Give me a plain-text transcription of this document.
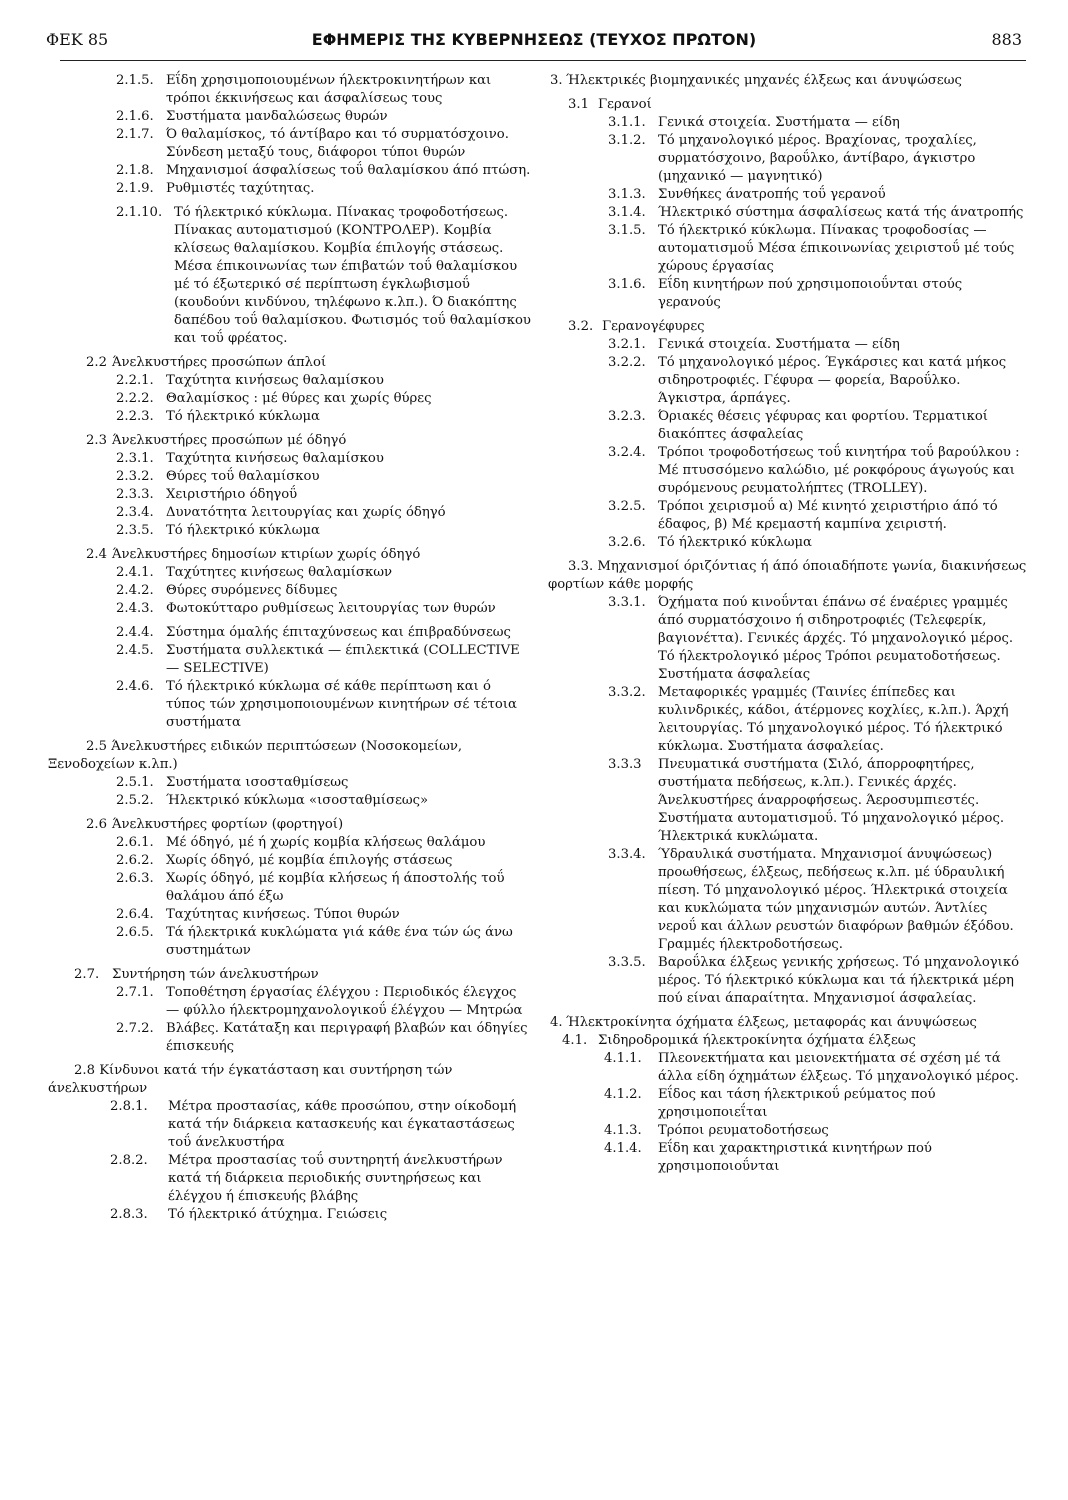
ΦΕΚ 85	ΕΦΗΜΕΡΙΣ ΤΗΣ ΚΥΒΕΡΝΗΣΕΩΣ (ΤΕΥΧΟΣ ΠΡΩΤΟΝ)	883
2.1.5. Εΐδη χρησιμοποιουμένων ήλεκτροκινητήρων και τρόποι έκκινήσεως και άσφαλίσεως τους
2.1.6. Συστήματα μανδαλώσεως θυρών
2.1.7. Ό θαλαμίσκος, τό άντίβαρο και τό συρματόσχοινο. Σύνδεση μεταξύ τους, διάφοροι τύποι θυρών
2.1.8. Μηχανισμοί άσφαλίσεως τοΰ θαλαμίσκου άπό πτώση.
2.1.9. Ρυθμιστές ταχύτητας.
2.1.10. Τό ήλεκτρικό κύκλωμα. Πίνακας τροφοδοτήσεως. Πίνακας αυτοματισμού (ΚΟΝΤΡΟΛΕΡ). Κομβία κλίσεως θαλαμίσκου. Κομβία έπιλογής στάσεως. Μέσα έπικοινωνίας των έπιβατών τοΰ θαλαμίσκου μέ τό έξωτερικό σέ περίπτωση έγκλωβισμοΰ (κουδούνι κινδύνου, τηλέφωνο κ.λπ.). Ό διακόπτης δαπέδου τοΰ θαλαμίσκου. Φωτισμός τοΰ θαλαμίσκου και τοΰ φρέατος.
2.2 Άνελκυστήρες προσώπων άπλοί
2.2.1. Ταχύτητα κινήσεως θαλαμίσκου
2.2.2. Θαλαμίσκος : μέ θύρες και χωρίς θύρες
2.2.3. Τό ήλεκτρικό κύκλωμα
2.3 Άνελκυστήρες προσώπων μέ όδηγό
2.3.1. Ταχύτητα κινήσεως θαλαμίσκου
2.3.2. Θύρες τοΰ θαλαμίσκου
2.3.3. Χειριστήριο όδηγοΰ
2.3.4. Δυνατότητα λειτουργίας και χωρίς όδηγό
2.3.5. Τό ήλεκτρικό κύκλωμα
2.4 Άνελκυστήρες δημοσίων κτιρίων χωρίς όδηγό
2.4.1. Ταχύτητες κινήσεως θαλαμίσκων
2.4.2. Θύρες συρόμενες δίδυμες
2.4.3. Φωτοκύτταρο ρυθμίσεως λειτουργίας των θυρών
2.4.4. Σύστημα όμαλής έπιταχύνσεως και έπιβραδύνσεως
2.4.5. Συστήματα συλλεκτικά — έπιλεκτικά (COLLECTIVE — SELECTIVE)
2.4.6. Τό ήλεκτρικό κύκλωμα σέ κάθε περίπτωση και ό τύπος τών χρησιμοποιουμένων κινητήρων σέ τέτοια συστήματα
2.5 Άνελκυστήρες ειδικών περιπτώσεων (Νοσοκομείων, Ξενοδοχείων κ.λπ.)
2.5.1. Συστήματα ισοσταθμίσεως
2.5.2. Ήλεκτρικό κύκλωμα «ισοσταθμίσεως»
2.6 Άνελκυστήρες φορτίων (φορτηγοί)
2.6.1. Μέ όδηγό, μέ ή χωρίς κομβία κλήσεως θαλάμου
2.6.2. Χωρίς όδηγό, μέ κομβία έπιλογής στάσεως
2.6.3. Χωρίς όδηγό, μέ κομβία κλήσεως ή άποστολής τοΰ θαλάμου άπό έξω
2.6.4. Ταχύτητας κινήσεως. Τύποι θυρών
2.6.5. Τά ήλεκτρικά κυκλώματα γιά κάθε ένα τών ώς άνω συστημάτων
2.7. Συντήρηση τών άνελκυστήρων
2.7.1. Τοποθέτηση έργασίας έλέγχου : Περιοδικός έλεγχος — φύλλο ήλεκτρομηχανολογικοΰ έλέγχου — Μητρώα
2.7.2. Βλάβες. Κατάταξη και περιγραφή βλαβών και όδηγίες έπισκευής
2.8 Κίνδυνοι κατά τήν έγκατάσταση και συντήρηση τών άνελκυστήρων
2.8.1. Μέτρα προστασίας, κάθε προσώπου, στην οίκοδομή κατά τήν διάρκεια κατασκευής και έγκαταστάσεως τοΰ άνελκυστήρα
2.8.2. Μέτρα προστασίας τοΰ συντηρητή άνελκυστήρων κατά τή διάρκεια περιοδικής συντηρήσεως και έλέγχου ή έπισκευής βλάβης
2.8.3. Τό ήλεκτρικό άτύχημα. Γειώσεις
3. Ήλεκτρικές βιομηχανικές μηχανές έλξεως και άνυψώσεως
3.1 Γερανοί
3.1.1. Γενικά στοιχεία. Συστήματα — είδη
3.1.2. Τό μηχανολογικό μέρος. Βραχίονας, τροχαλίες, συρματόσχοινο, βαροΰλκο, άντίβαρο, άγκιστρο (μηχανικό — μαγνητικό)
3.1.3. Συνθήκες άνατροπής τοΰ γερανοΰ
3.1.4. Ήλεκτρικό σύστημα άσφαλίσεως κατά τής άνατροπής
3.1.5. Τό ήλεκτρικό κύκλωμα. Πίνακας τροφοδοσίας — αυτοματισμοΰ Μέσα έπικοινωνίας χειριστοΰ μέ τούς χώρους έργασίας
3.1.6. Εΐδη κινητήρων πού χρησιμοποιοΰνται στούς γερανούς
3.2. Γερανογέφυρες
3.2.1. Γενικά στοιχεία. Συστήματα — είδη
3.2.2. Τό μηχανολογικό μέρος. Έγκάρσιες και κατά μήκος σιδηροτροφιές. Γέφυρα — φορεία, Βαροΰλκο. Άγκιστρα, άρπάγες.
3.2.3. Όριακές θέσεις γέφυρας και φορτίου. Τερματικοί διακόπτες άσφαλείας
3.2.4. Τρόποι τροφοδοτήσεως τοΰ κινητήρα τοΰ βαρούλκου : Μέ πτυσσόμενο καλώδιο, μέ ροκφόρους άγωγούς και συρόμενους ρευματολήπτες (TROLLEY).
3.2.5. Τρόποι χειρισμοΰ α) Μέ κινητό χειριστήριο άπό τό έδαφος, β) Μέ κρεμαστή καμπίνα χειριστή.
3.2.6. Τό ήλεκτρικό κύκλωμα
3.3. Μηχανισμοί όριζόντιας ή άπό όποιαδήποτε γωνία, διακινήσεως φορτίων κάθε μορφής
3.3.1. Όχήματα πού κινοΰνται έπάνω σέ έναέριες γραμμές άπό συρματόσχοινο ή σιδηροτροφιές (Τελεφερίκ, βαγιονέττα). Γενικές άρχές. Τό μηχανολογικό μέρος. Τό ήλεκτρολογικό μέρος Τρόποι ρευματοδοτήσεως. Συστήματα άσφαλείας
3.3.2. Μεταφορικές γραμμές (Ταινίες έπίπεδες και κυλινδρικές, κάδοι, άτέρμονες κοχλίες, κ.λπ.). Άρχή λειτουργίας. Τό μηχανολογικό μέρος. Τό ήλεκτρικό κύκλωμα. Συστήματα άσφαλείας.
3.3.3 Πνευματικά συστήματα (Σιλό, άπορροφητήρες, συστήματα πεδήσεως, κ.λπ.). Γενικές άρχές. Άνελκυστήρες άναρροφήσεως. Άεροσυμπιεστές. Συστήματα αυτοματισμοΰ. Τό μηχανολογικό μέρος. Ήλεκτρικά κυκλώματα.
3.3.4. Ύδραυλικά συστήματα. Μηχανισμοί άνυψώσεως) προωθήσεως, έλξεως, πεδήσεως κ.λπ. μέ ύδραυλική πίεση. Τό μηχανολογικό μέρος. Ήλεκτρικά στοιχεία και κυκλώματα τών μηχανισμών αυτών. Άντλίες νεροΰ και άλλων ρευστών διαφόρων βαθμών έξόδου. Γραμμές ήλεκτροδοτήσεως.
3.3.5. Βαροΰλκα έλξεως γενικής χρήσεως. Τό μηχανολογικό μέρος. Τό ήλεκτρικό κύκλωμα και τά ήλεκτρικά μέρη πού είναι άπαραίτητα. Μηχανισμοί άσφαλείας.
4. Ήλεκτροκίνητα όχήματα έλξεως, μεταφοράς και άνυψώσεως
4.1. Σιδηροδρομικά ήλεκτροκίνητα όχήματα έλξεως
4.1.1. Πλεονεκτήματα και μειονεκτήματα σέ σχέση μέ τά άλλα είδη όχημάτων έλξεως. Τό μηχανολογικό μέρος.
4.1.2. Εΐδος και τάση ήλεκτρικοΰ ρεύματος πού χρησιμοποιεΐται
4.1.3. Τρόποι ρευματοδοτήσεως
4.1.4. Εΐδη και χαρακτηριστικά κινητήρων πού χρησιμοποιοΰνται
